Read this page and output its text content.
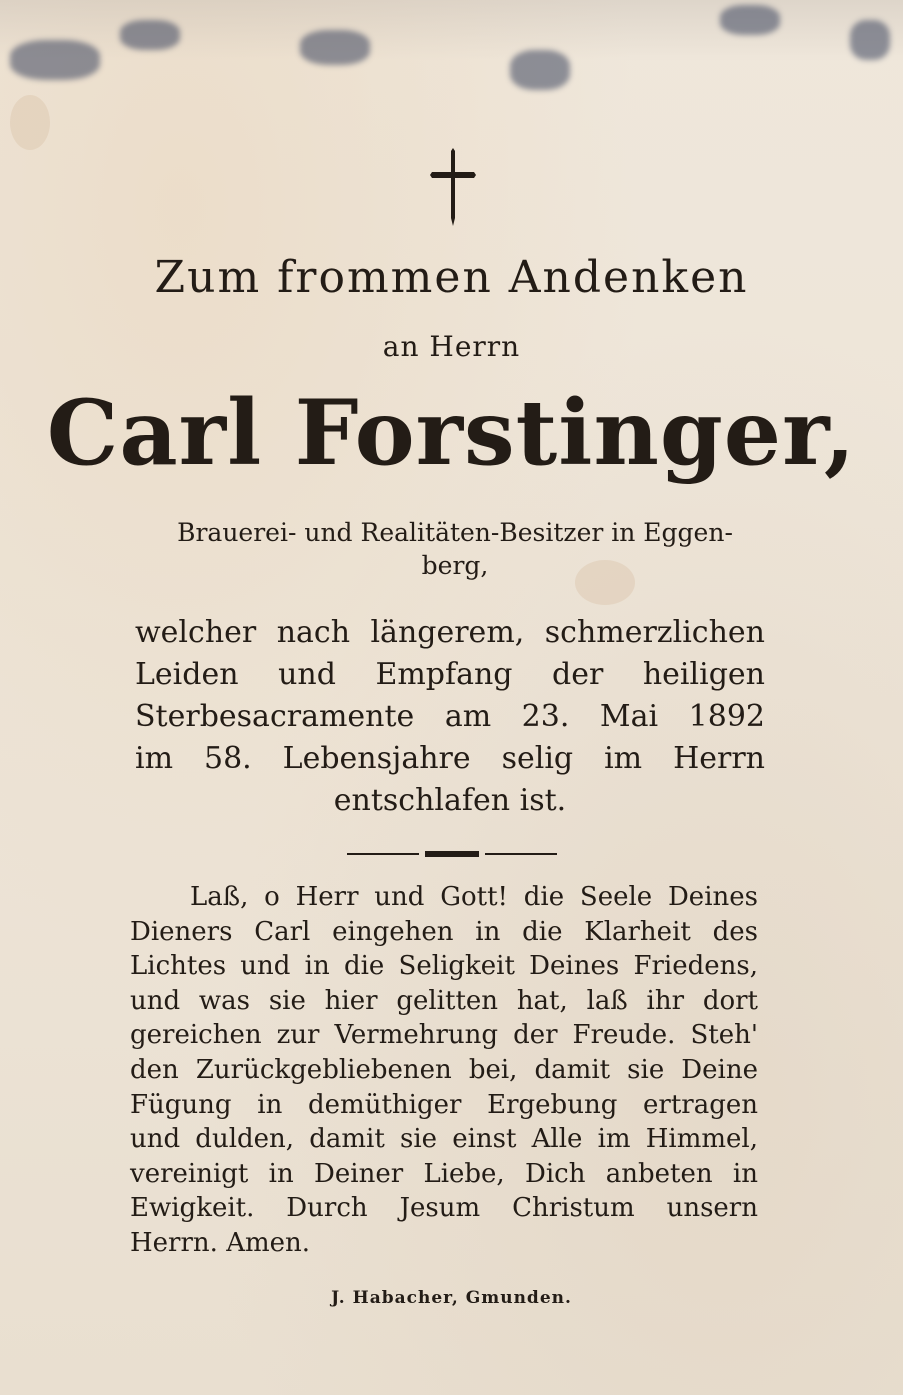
Zum frommen Andenken
an Herrn
Carl Forstinger,
Brauerei- und Realitäten-Besitzer in Eggen-
berg,
welcher nach längerem, schmerzlichen
Leiden und Empfang der heiligen
Sterbesacramente am 23. Mai 1892
im 58. Lebensjahre selig im Herrn
entschlafen ist.
Laß, o Herr und Gott! die Seele Deines
Dieners Carl eingehen in die Klarheit des
Lichtes und in die Seligkeit Deines Friedens,
und was sie hier gelitten hat, laß ihr dort
gereichen zur Vermehrung der Freude. Steh'
den Zurückgebliebenen bei, damit sie Deine
Fügung in demüthiger Ergebung ertragen
und dulden, damit sie einst Alle im Himmel,
vereinigt in Deiner Liebe, Dich anbeten in
Ewigkeit. Durch Jesum Christum unsern
Herrn. Amen.
J. Habacher, Gmunden.
